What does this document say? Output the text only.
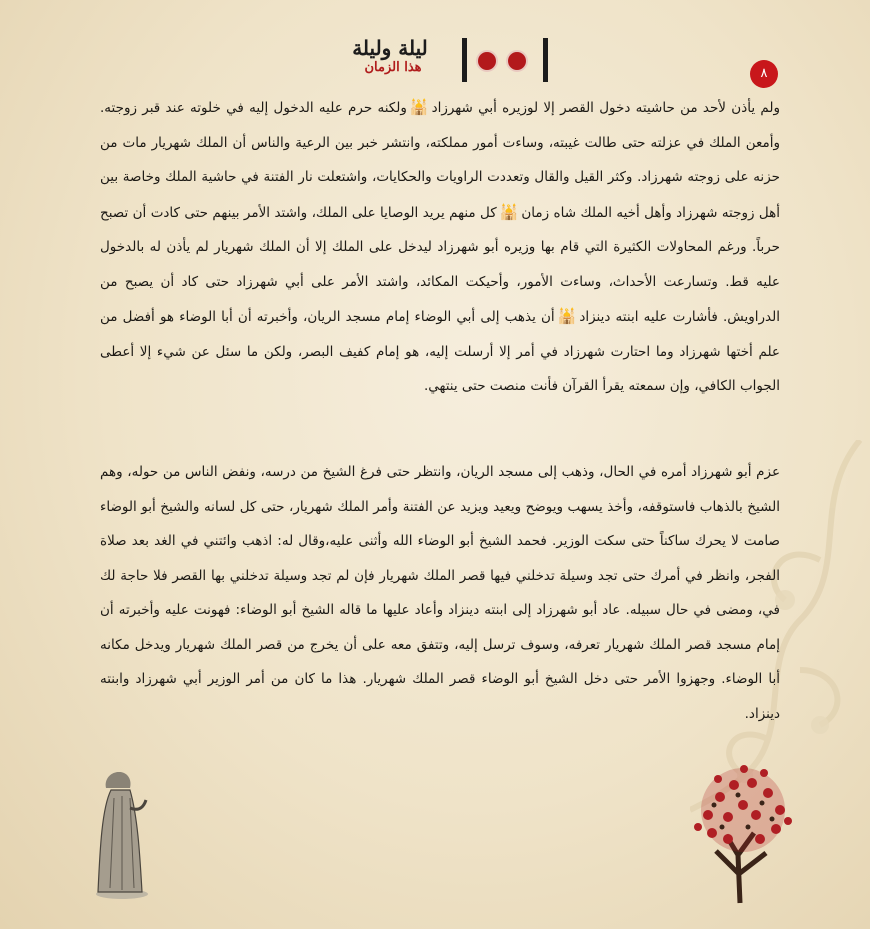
ليلة وليلة
هذا الزمان	٨
ولم يأذن لأحد من حاشيته دخول القصر إلا لوزيره أبي شهرزاد🕌ولكنه حرم عليه الدخول إليه في خلوته عند قبر زوجته. وأمعن الملك في عزلته حتى طالت غيبته، وساءت أمور مملكته، وانتشر خبر بين الرعية والناس أن الملك شهريار مات من حزنه على زوجته شهرزاد. وكثر القيل والقال وتعددت الراويات والحكايات، واشتعلت نار الفتنة في حاشية الملك وخاصة بين أهل زوجته شهرزاد وأهل أخيه الملك شاه زمان🕌كل منهم يريد الوصايا على الملك، واشتد الأمر بينهم حتى كادت أن تصبح حرباً. ورغم المحاولات الكثيرة التي قام بها وزيره أبو شهرزاد ليدخل على الملك إلا أن الملك شهريار لم يأذن له بالدخول عليه قط. وتسارعت الأحداث، وساءت الأمور، وأحيكت المكائد، واشتد الأمر على أبي شهرزاد حتى كاد أن يصبح من الدراويش. فأشارت عليه ابنته دينزاد🕌أن يذهب إلى أبي الوضاء إمام مسجد الريان، وأخبرته أن أبا الوضاء هو أفضل من علم أختها شهرزاد وما احتارت شهرزاد في أمر إلا أرسلت إليه، هو إمام كفيف البصر، ولكن ما سئل عن شيء إلا أعطى الجواب الكافي، وإن سمعته يقرأ القرآن فأنت منصت حتى ينتهي.
عزم أبو شهرزاد أمره في الحال، وذهب إلى مسجد الريان، وانتظر حتى فرغ الشيخ من درسه، ونفض الناس من حوله، وهم الشيخ بالذهاب فاستوقفه، وأخذ يسهب ويوضح ويعيد ويزيد عن الفتنة وأمر الملك شهريار، حتى كل لسانه والشيخ أبو الوضاء صامت لا يحرك ساكناً حتى سكت الوزير. فحمد الشيخ أبو الوضاء الله وأثنى عليه،وقال له: اذهب وائتني في الغد بعد صلاة الفجر، وانظر في أمرك حتى تجد وسيلة تدخلني فيها قصر الملك شهريار فإن لم تجد وسيلة تدخلني بها القصر فلا حاجة لك في، ومضى في حال سبيله. عاد أبو شهرزاد إلى ابنته دينزاد وأعاد عليها ما قاله الشيخ أبو الوضاء: فهونت عليه وأخبرته أن إمام مسجد قصر الملك شهريار تعرفه، وسوف ترسل إليه، وتتفق معه على أن يخرج من قصر الملك شهريار ويدخل مكانه أبا الوضاء. وجهزوا الأمر حتى دخل الشيخ أبو الوضاء قصر الملك شهريار. هذا ما كان من أمر الوزير أبي شهرزاد وابنته دينزاد.
